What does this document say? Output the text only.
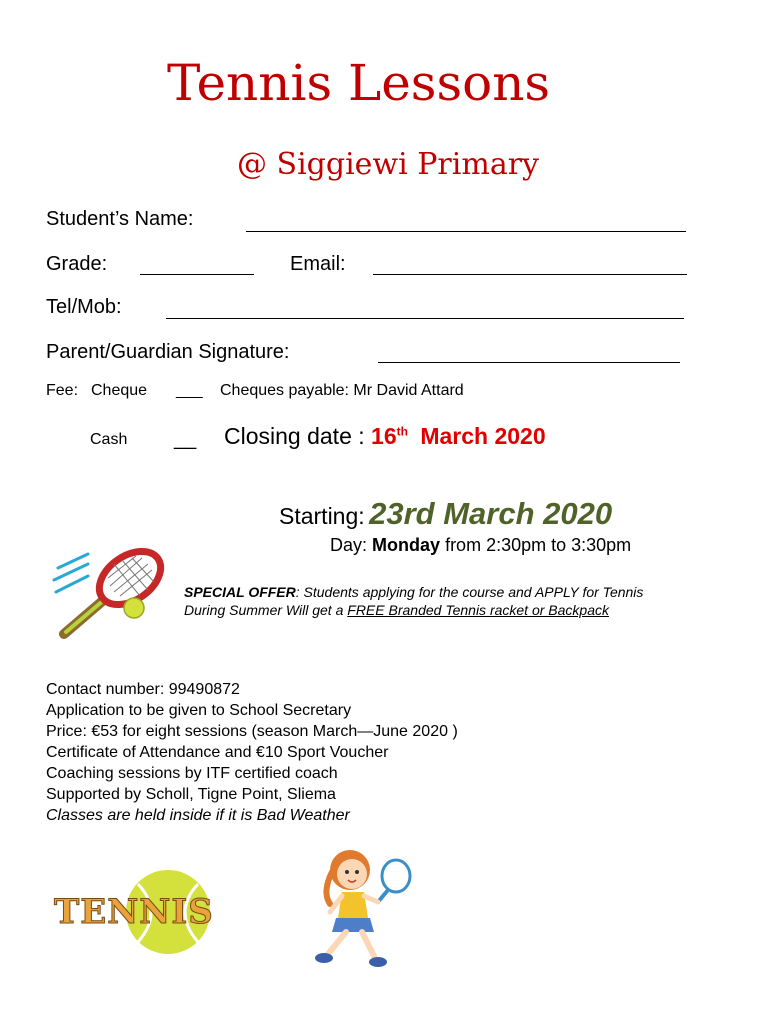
Tennis Lessons
@ Siggiewi Primary
Student’s Name:
Grade:	Email:
Tel/Mob:
Parent/Guardian Signature:
Fee: Cheque ___ Cheques payable: Mr David Attard
Cash __ Closing date : 16th March 2020
Starting: 23rd March 2020
Day: Monday from 2:30pm to 3:30pm
SPECIAL OFFER: Students applying for the course and APPLY for Tennis
During Summer Will get a FREE Branded Tennis racket or Backpack
Contact number: 99490872
Application to be given to School Secretary
Price: €53 for eight sessions (season March—June 2020 )
Certificate of Attendance and €10 Sport Voucher
Coaching sessions by ITF certified coach
Supported by Scholl, Tigne Point, Sliema
Classes are held inside if it is Bad Weather
TENNIS
